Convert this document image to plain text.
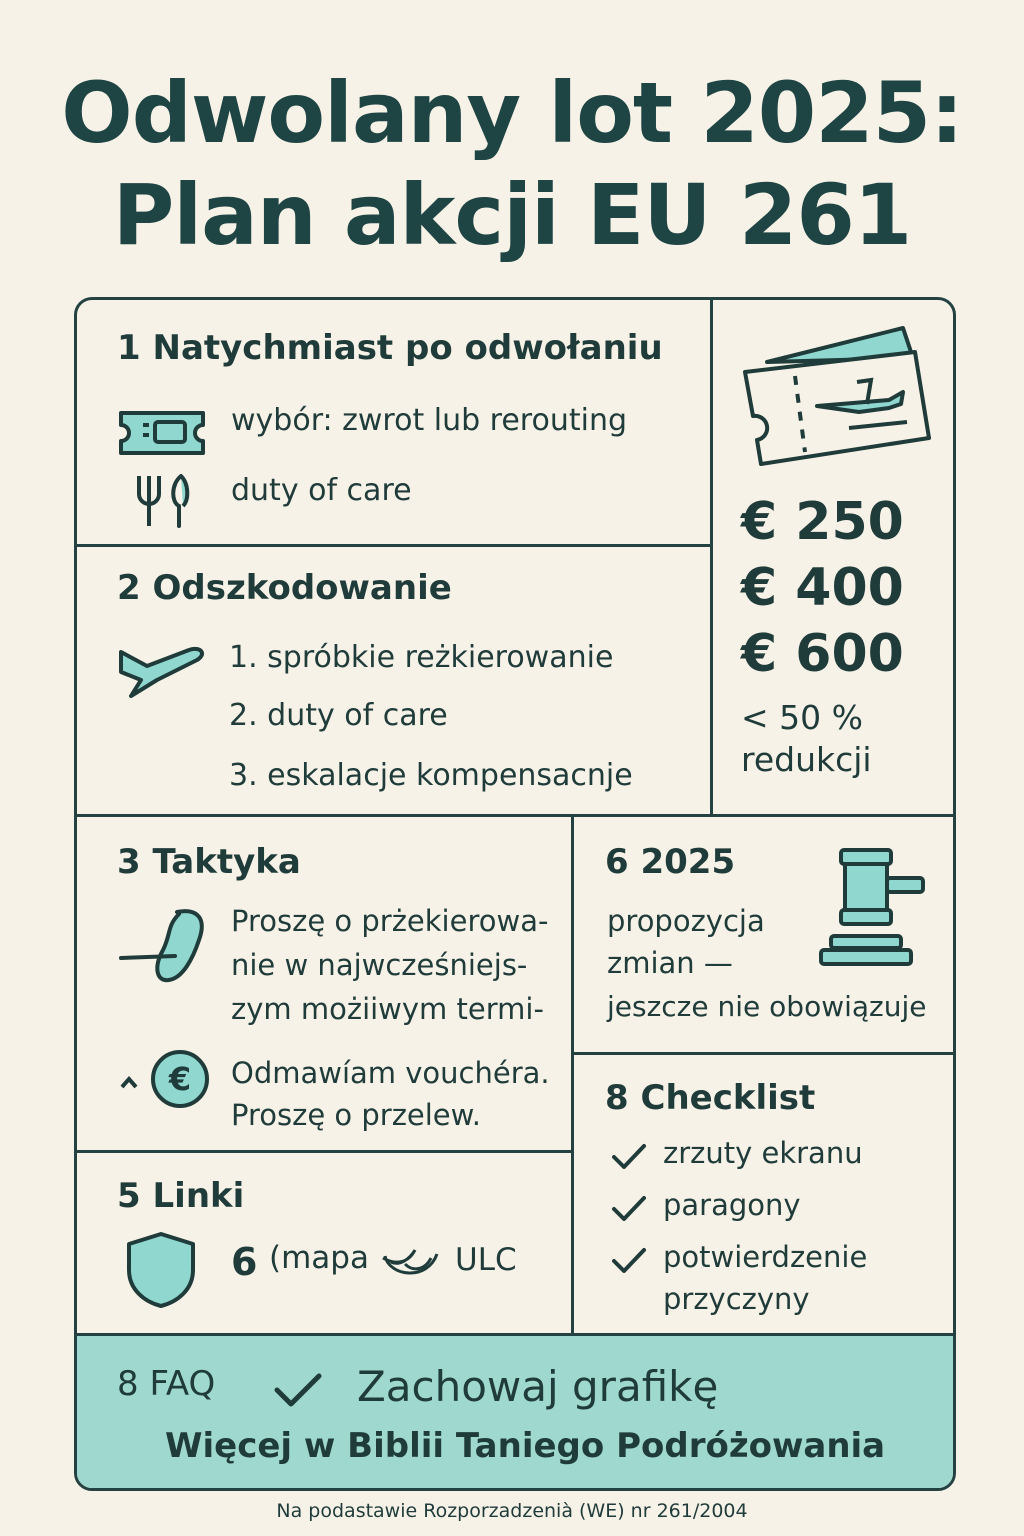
Odwolany lot 2025:
Plan akcji EU 261
1 Natychmiast po odwołaniu
wybór: zwrot lub rerouting
duty of care
€ 250
€ 400
€ 600
< 50 %
redukcji
2 Odszkodowanie
1. spróbkie reżkierowanie
2. duty of care
3. eskalacje kompensacnje
3 Taktyka
Proszę o prżekierowa-
nie w najwcześniejs-
zym możiiwym termi-
€ Odmawíam vouchéra.
Proszę o przelew.
6 2025
propozycja
zmian —
jeszcze nie obowiązuje
8 Checklist
zrzuty ekranu
paragony
potwierdzenie
przyczyny
5 Linki
6 (mapa	ULC
8 FAQ	Zachowaj grafikę
Więcej w Biblii Taniego Podróżowania
Na podastawie Rozporzadzenià (WE) nr 261/2004
